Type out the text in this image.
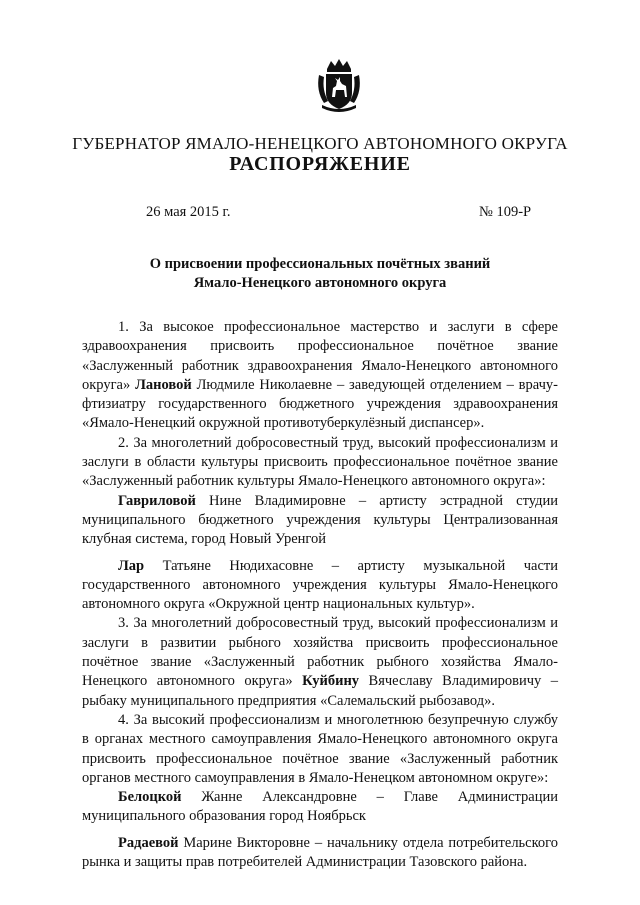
ГУБЕРНАТОР ЯМАЛО-НЕНЕЦКОГО АВТОНОМНОГО ОКРУГА
РАСПОРЯЖЕНИЕ
26 мая 2015 г.	№ 109-Р
О присвоении профессиональных почётных званий
Ямало-Ненецкого автономного округа

1. За высокое профессиональное мастерство и заслуги в сфере здравоохранения присвоить профессиональное почётное звание «Заслуженный работник здравоохранения Ямало-Ненецкого автономного округа» Лановой Людмиле Николаевне – заведующей отделением – врачу-фтизиатру государственного бюджетного учреждения здравоохранения «Ямало-Ненецкий окружной противотуберкулёзный диспансер».

2. За многолетний добросовестный труд, высокий профессионализм и заслуги в области культуры присвоить профессиональное почётное звание «Заслуженный работник культуры Ямало-Ненецкого автономного округа»:

Гавриловой Нине Владимировне – артисту эстрадной студии муниципального бюджетного учреждения культуры Централизованная клубная система, город Новый Уренгой

Лар Татьяне Нюдихасовне – артисту музыкальной части государственного автономного учреждения культуры Ямало-Ненецкого автономного округа «Окружной центр национальных культур».

3. За многолетний добросовестный труд, высокий профессионализм и заслуги в развитии рыбного хозяйства присвоить профессиональное почётное звание «Заслуженный работник рыбного хозяйства Ямало-Ненецкого автономного округа» Куйбину Вячеславу Владимировичу – рыбаку муниципального предприятия «Салемальский рыбозавод».

4. За высокий профессионализм и многолетнюю безупречную службу в органах местного самоуправления Ямало-Ненецкого автономного округа присвоить профессиональное почётное звание «Заслуженный работник органов местного самоуправления в Ямало-Ненецком автономном округе»:

Белоцкой Жанне Александровне – Главе Администрации муниципального образования город Ноябрьск

Радаевой Марине Викторовне – начальнику отдела потребительского рынка и защиты прав потребителей Администрации Тазовского района.
